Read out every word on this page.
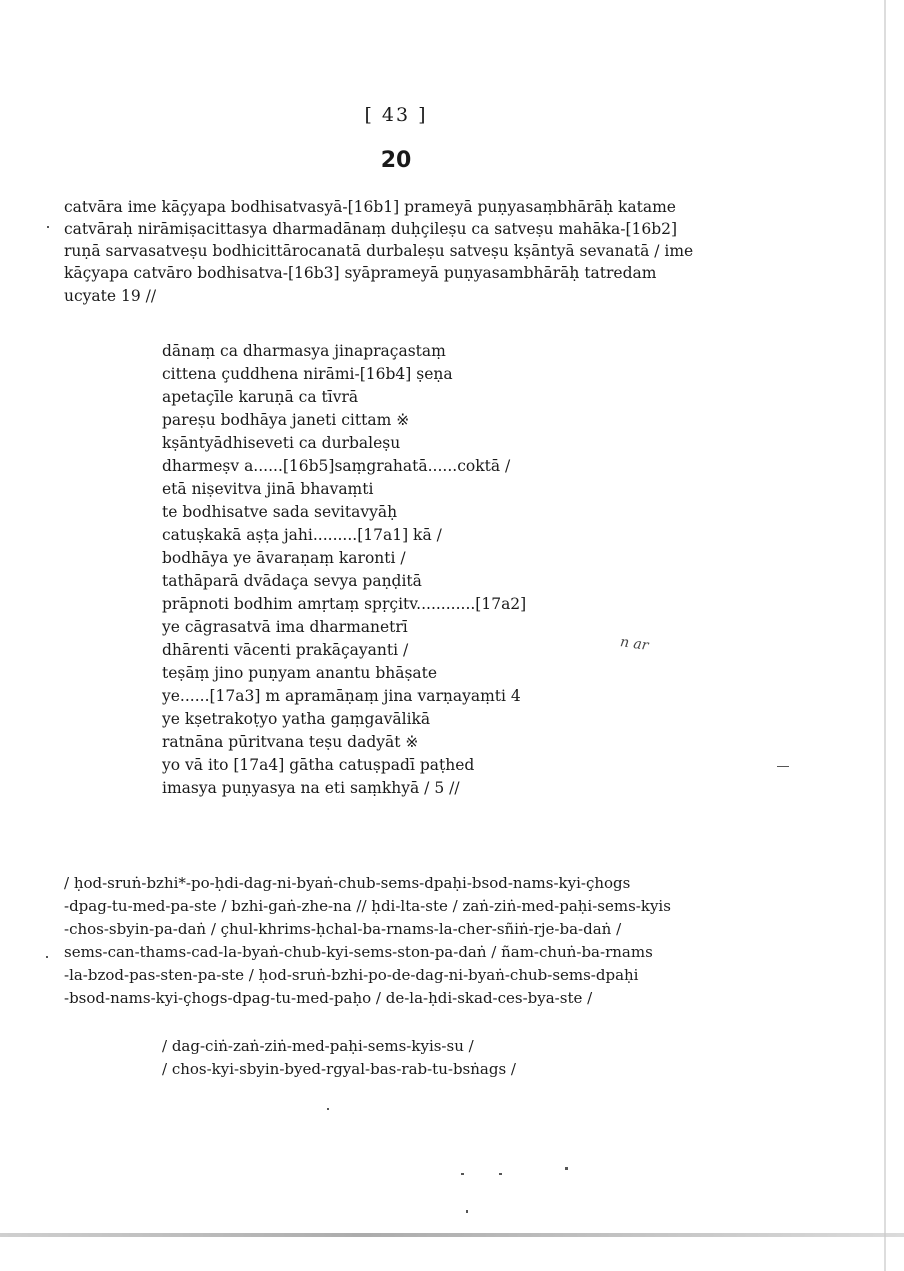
[ 43 ]
20
catvāra ime kāçyapa bodhisatvasyā-[16b1] prameyā puṇyasaṃbhārāḥ katame
catvāraḥ nirāmiṣacittasya dharmadānaṃ duḥçileṣu ca satveṣu mahāka-[16b2]
ruṇā sarvasatveṣu bodhicittārocanatā durbaleṣu satveṣu kṣāntyā sevanatā / ime
kāçyapa catvāro bodhisatva-[16b3] syāprameyā puṇyasambhārāḥ tatredam
ucyate 19 //
dānaṃ ca dharmasya jinapraçastaṃ
cittena çuddhena nirāmi-[16b4] ṣeṇa
apetaçīle karuṇā ca tīvrā
pareṣu bodhāya janeti cittam ※
kṣāntyādhiseveti ca durbaleṣu
dharmeṣv a......[16b5]saṃgrahatā......coktā /
etā niṣevitva jinā bhavaṃti
te bodhisatve sada sevitavyāḥ
catuṣkakā aṣṭa jahi.........[17a1] kā /
bodhāya ye āvaraṇaṃ karonti /
tathāparā dvādaça sevya paṇḍitā
prāpnoti bodhim amṛtaṃ spṛçitv............[17a2]
ye cāgrasatvā ima dharmanetrī
dhārenti vācenti prakāçayanti /
teṣāṃ jino puṇyam anantu bhāṣate
ye......[17a3] m apramāṇaṃ jina varṇayaṃti 4
ye kṣetrakoṭyo yatha gaṃgavālikā
ratnāna pūritvana teṣu dadyāt ※
yo vā ito [17a4] gātha catuṣpadī paṭhed
imasya puṇyasya na eti saṃkhyā / 5 //
n ar
/ ḥod-sruṅ-bzhi*-po-ḥdi-dag-ni-byaṅ-chub-sems-dpaḥi-bsod-nams-kyi-çhogs
-dpag-tu-med-pa-ste / bzhi-gaṅ-zhe-na // ḥdi-lta-ste / zaṅ-ziṅ-med-paḥi-sems-kyis
-chos-sbyin-pa-daṅ / çhul-khrims-ḥchal-ba-rnams-la-cher-sñiṅ-rje-ba-daṅ /
sems-can-thams-cad-la-byaṅ-chub-kyi-sems-ston-pa-daṅ / ñam-chuṅ-ba-rnams
-la-bzod-pas-sten-pa-ste / ḥod-sruṅ-bzhi-po-de-dag-ni-byaṅ-chub-sems-dpaḥi
-bsod-nams-kyi-çhogs-dpag-tu-med-paḥo / de-la-ḥdi-skad-ces-bya-ste /
/ dag-ciṅ-zaṅ-ziṅ-med-paḥi-sems-kyis-su /
/ chos-kyi-sbyin-byed-rgyal-bas-rab-tu-bsṅags /
